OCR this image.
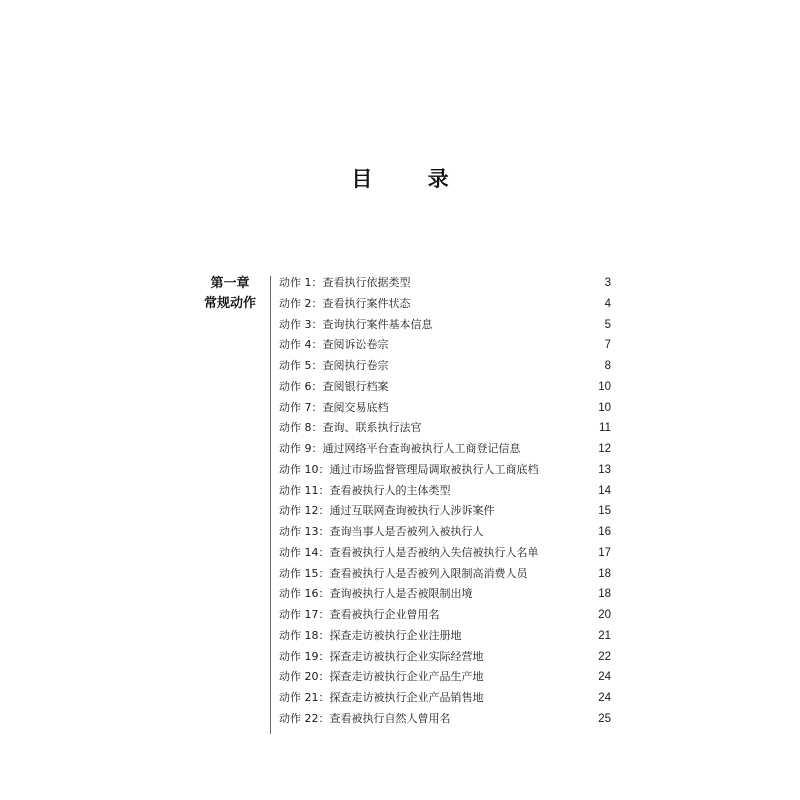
目 录
第一章
常规动作
动作 1：查看执行依据类型	3
动作 2：查看执行案件状态	4
动作 3：查询执行案件基本信息	5
动作 4：查阅诉讼卷宗	7
动作 5：查阅执行卷宗	8
动作 6：查阅银行档案	10
动作 7：查阅交易底档	10
动作 8：查询、联系执行法官	11
动作 9：通过网络平台查询被执行人工商登记信息	12
动作 10：通过市场监督管理局调取被执行人工商底档	13
动作 11：查看被执行人的主体类型	14
动作 12：通过互联网查询被执行人涉诉案件	15
动作 13：查询当事人是否被列入被执行人	16
动作 14：查看被执行人是否被纳入失信被执行人名单	17
动作 15：查看被执行人是否被列入限制高消费人员	18
动作 16：查询被执行人是否被限制出境	18
动作 17：查看被执行企业曾用名	20
动作 18：探查走访被执行企业注册地	21
动作 19：探查走访被执行企业实际经营地	22
动作 20：探查走访被执行企业产品生产地	24
动作 21：探查走访被执行企业产品销售地	24
动作 22：查看被执行自然人曾用名	25
